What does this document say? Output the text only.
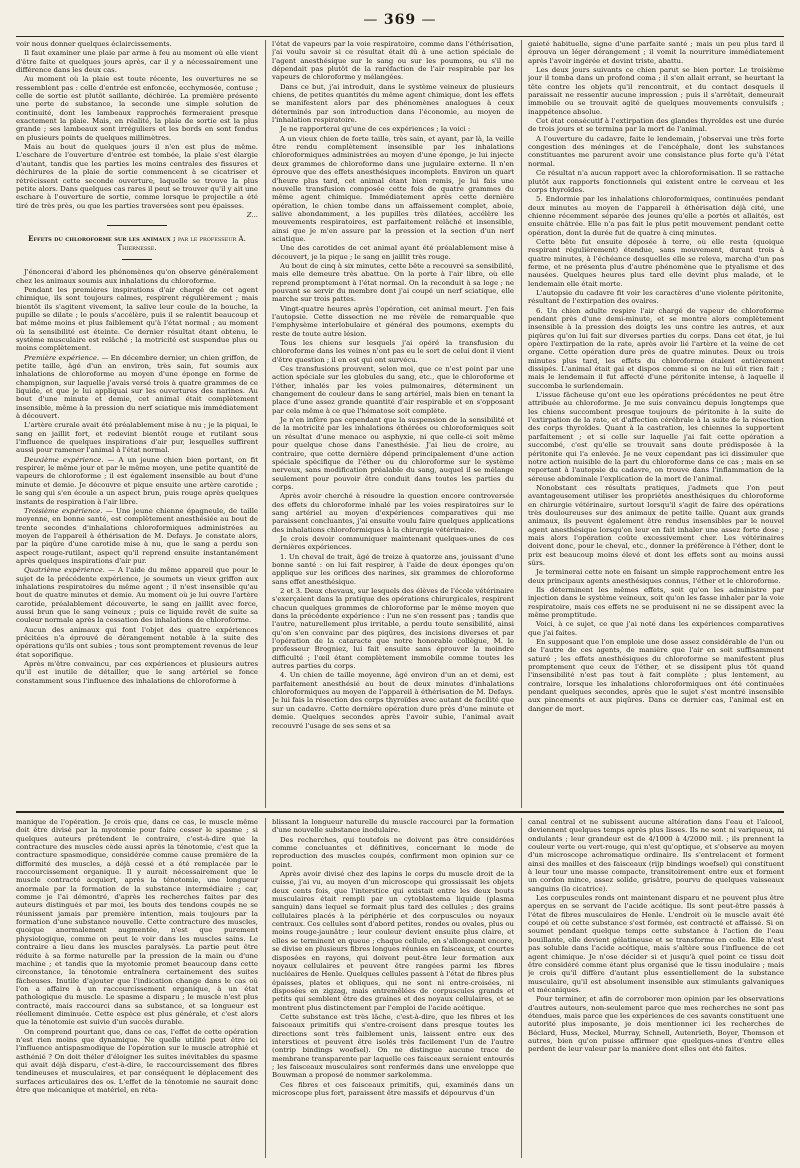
— 369 —

voir nous donner quelques éclaircissements.

Il faut examiner une plaie par arme à feu au moment où elle vient d'être faite et quelques jours après, car il y a nécessairement une différence dans les deux cas.

Au moment où la plaie est toute récente, les ouvertures ne se ressemblent pas : celle d'entrée est enfoncée, ecchymosée, contuse ; celle de sortie est plutôt saillante, déchirée. La première présente une perte de substance, la seconde une simple solution de continuité, dont les lambeaux rapprochés fermeraient presque exactement la plaie. Mais, en réalité, la plaie de sortie est la plus grande ; ses lambeaux sont irréguliers et les bords en sont fendus en plusieurs points de quelques millimètres.

Mais au bout de quelques jours il n'en est plus de même. L'eschare de l'ouverture d'entrée est tombée, la plaie s'est élargie d'autant, tandis que les parties les moins centrales des fissures et déchirures de la plaie de sortie commencent à se cicatriser et rétrécissent cette seconde ouverture, laquelle se trouve la plus petite alors. Dans quelques cas rares il peut se trouver qu'il y ait une eschare à l'ouverture de sortie, comme lorsque le projectile a été tiré de très près, ou que les parties traversées sont peu épaisses.

Z...

Effets du chloroforme sur les animaux ; par le professeur A. Thiernesse.

J'énoncerai d'abord les phénomènes qu'on observe généralement chez les animaux soumis aux inhalations du chloroforme.

Pendant les premières inspirations d'air chargé de cet agent chimique, ils sont toujours calmes, respirent régulièrement ; mais bientôt ils s'agitent vivement, la salive leur coule de la bouche, la pupille se dilate ; le pouls s'accélère, puis il se ralentit beaucoup et bat même moins et plus faiblement qu'à l'état normal ; au moment où la sensibilité est éteinte. Ce dernier résultat étant obtenu, le système musculaire est relâché ; la motricité est suspendue plus ou moins complètement.

Première expérience. — En décembre dernier, un chien griffon, de petite taille, âgé d'un an environ, très sain, fut soumis aux inhalations de chloroforme au moyen d'une éponge en forme de champignon, sur laquelle j'avais versé trois à quatre grammes de ce liquide, et que je lui appliquai sur les ouvertures des narines. Au bout d'une minute et demie, cet animal était complètement insensible, même à la pression du nerf sciatique mis immédiatement à découvert.

L'artère crurale avait été préalablement mise à nu ; je la piquai, le sang en jaillit fort, et redevint bientôt rouge et rutilant sous l'influence de quelques inspirations d'air pur, lesquelles suffirent aussi pour ramener l'animal à l'état normal.

Deuxième expérience. — A un jeune chien bien portant, on fit respirer, le même jour et par le même moyen, une petite quantité de vapeurs de chloroforme ; il est également insensible au bout d'une minute et demie. Je découvre et pique ensuite une artère carotide ; le sang qui s'en écoule a un aspect brun, puis rouge après quelques instants de respiration à l'air libre.

Troisième expérience. — Une jeune chienne épagneule, de taille moyenne, en bonne santé, est complètement anesthésiée au bout de trente secondes d'inhalations chloroformiques administrées au moyen de l'appareil à éthérisation de M. Defays. Je constate alors, par la piqûre d'une carotide mise à nu, que le sang a perdu son aspect rouge-rutilant, aspect qu'il reprend ensuite instantanément après quelques inspirations d'air pur.

Quatrième expérience. — A l'aide du même appareil que pour le sujet de la précédente expérience, je soumets un vieux griffon aux inhalations respiratoires du même agent ; il n'est insensible qu'au bout de quatre minutes et demie. Au moment où je lui ouvre l'artère carotide, préalablement découverte, le sang en jaillit avec force, aussi brun que le sang veineux ; puis ce liquide revêt de suite sa couleur normale après la cessation des inhalations de chloroforme.

Aucun des animaux qui font l'objet des quatre expériences précitées n'a éprouvé de dérangement notable à la suite des opérations qu'ils ont subies ; tous sont promptement revenus de leur état soporifique.

Après m'être convaincu, par ces expériences et plusieurs autres qu'il est inutile de détailler, que le sang artériel se fonce constamment sous l'influence des inhalations de chloroforme à

l'état de vapeurs par la voie respiratoire, comme dans l'éthérisation, j'ai voulu savoir si ce résultat était dû à une action spéciale de l'agent anesthésique sur le sang ou sur les poumons, ou s'il ne dépendait pas plutôt de la raréfaction de l'air respirable par les vapeurs de chloroforme y mélangées.

Dans ce but, j'ai introduit, dans le système veineux de plusieurs chiens, de petites quantités du même agent chimique, dont les effets se manifestent alors par des phénomènes analogues à ceux déterminés par son introduction dans l'économie, au moyen de l'inhalation respiratoire.

Je ne rapporterai qu'une de ces expériences ; la voici :

A un vieux chien de forte taille, très sain, et ayant, par là, la veille être rendu complètement insensible par les inhalations chloroformiques administrées au moyen d'une éponge, je lui injecte deux grammes de chloroforme dans une jugulaire externe. Il n'en éprouve que des effets anesthésiques incomplets. Environ un quart d'heure plus tard, cet animal étant bien remis, je lui fais une nouvelle transfusion composée cette fois de quatre grammes du même agent chimique. Immédiatement après cette dernière opération, le chien tombe dans un affaissement complet, aboie, salive abondamment, a les pupilles très dilatées, accélère les mouvements respiratoires, est parfaitement relâché et insensible, ainsi que je m'en assure par la pression et la section d'un nerf sciatique.

Une des carotides de cet animal ayant été préalablement mise à découvert, je la pique ; le sang en jaillit très rouge.

Au bout de cinq à six minutes, cette bête a recouvré sa sensibilité, mais elle demeure très abattue. On la porte à l'air libre, où elle reprend promptement à l'état normal. On la reconduit à sa loge ; ne pouvant se servir du membre dont j'ai coupé un nerf sciatique, elle marche sur trois pattes.

Vingt-quatre heures après l'opération, cet animal meurt. J'en fais l'autopsie. Cette dissection ne me révèle de remarquable que l'emphysème interlobulaire et général des poumons, exempts du reste de toute autre lésion.

Tous les chiens sur lesquels j'ai opéré la transfusion du chloroforme dans les veines n'ont pas eu le sort de celui dont il vient d'être question ; il en est qui ont survécu.

Ces transfusions prouvent, selon moi, que ce n'est point par une action spéciale sur les globules du sang, etc., que le chloroforme et l'éther, inhalés par les voies pulmonaires, déterminent un changement de couleur dans le sang artériel, mais bien en tenant la place d'une assez grande quantité d'air respirable et en s'opposant par cela même à ce que l'hématose soit complète.

Je n'en infère pas cependant que la suspension de la sensibilité et de la motricité par les inhalations éthérées ou chloroformiques soit un résultat d'une menace ou asphyxie, ni que celle-ci soit même pour quelque chose dans l'anesthésie. J'ai lieu de croire, au contraire, que cette dernière dépend principalement d'une action spéciale spécifique de l'éther ou du chloroforme sur le système nerveux, sans modification préalable du sang, auquel il se mélange seulement pour pouvoir être conduit dans toutes les parties du corps.

Après avoir cherché à résoudre la question encore controversée des effets du chloroforme inhalé par les voies respiratoires sur le sang artériel au moyen d'expériences comparatives qui me paraissent concluantes, j'ai ensuite voulu faire quelques applications des inhalations chloroformiques à la chirurgie vétérinaire.

Je crois devoir communiquer maintenant quelques-unes de ces dernières expériences.

1. Un cheval de trait, âgé de treize à quatorze ans, jouissant d'une bonne santé : on lui fait respirer, à l'aide de deux éponges qu'on applique sur les orifices des narines, six grammes de chloroforme sans effet anesthésique.

2 et 3. Deux chevaux, sur lesquels des élèves de l'école vétérinaire s'exerçaient dans la pratique des opérations chirurgicales, respirent chacun quelques grammes de chloroforme par le même moyen que dans la précédente expérience : l'un ne s'en ressent pas ; tandis que l'autre, naturellement plus irritable, a perdu toute sensibilité, ainsi qu'on s'en convainc par des piqûres, des incisions diverses et par l'opération de la cataracte que notre honorable collègue, M. le professeur Brogniez, lui fait ensuite sans éprouver la moindre difficulté ; l'œil étant complètement immobile comme toutes les autres parties du corps.

4. Un chien de taille moyenne, âgé environ d'un an et demi, est parfaitement anesthésié au bout de deux minutes d'inhalations chloroformiques au moyen de l'appareil à éthérisation de M. Defays. Je lui fais la résection des corps thyroïdes avec autant de facilité que sur un cadavre. Cette dernière opération dure près d'une minute et demie. Quelques secondes après l'avoir subie, l'animal avait recouvré l'usage de ses sens et sa

gaieté habituelle, signe d'une parfaite santé ; mais un peu plus tard il éprouva un léger dérangement ; il vomit la nourriture immédiatement après l'avoir ingérée et devint triste, abattu.

Les deux jours suivants ce chien parut se bien porter. Le troisième jour il tomba dans un profond coma ; il s'en allait errant, se heurtant la tête contre les objets qu'il rencontrait, et du contact desquels il paraissait ne ressentir aucune impression ; puis il s'arrêtait, demeurait immobile ou se trouvait agité de quelques mouvements convulsifs ; inappétence absolue.

Cet état consécutif à l'extirpation des glandes thyroïdes est une durée de trois jours et se termina par la mort de l'animal.

A l'ouverture du cadavre, faite le lendemain, j'observai une très forte congestion des méninges et de l'encéphale, dont les substances constituantes me parurent avoir une consistance plus forte qu'à l'état normal.

Ce résultat n'a aucun rapport avec la chloroformisation. Il se rattache plutôt aux rapports fonctionnels qui existent entre le cerveau et les corps thyroïdes.

5. Endormie par les inhalations chloroformiques, continuées pendant deux minutes au moyen de l'appareil à éthérisation déjà cité, une chienne récemment séparée des jeunes qu'elle a portés et allaités, est ensuite châtrée. Elle n'a pas fait le plus petit mouvement pendant cette opération, dont la durée fut de quatre à cinq minutes.

Cette bête fut ensuite déposée à terre, où elle resta (quoique respirant régulièrement) étendue, sans mouvement, durant trois à quatre minutes, à l'échéance desquelles elle se releva, marcha d'un pas ferme, et ne présenta plus d'autre phénomène que le ptyalisme et des nausées. Quelques heures plus tard elle devint plus malade, et le lendemain elle était morte.

L'autopsie du cadavre fit voir les caractères d'une violente péritonite, résultant de l'extirpation des ovaires.

6. Un chien adulte respire l'air chargé de vapeur de chloroforme pendant près d'une demi-minute, et se montre alors complètement insensible à la pression des doigts les uns contre les autres, et aux piqûres qu'on lui fait sur diverses parties du corps. Dans cet état, je lui opère l'extirpation de la rate, après avoir lié l'artère et la veine de cet organe. Cette opération dure près de quatre minutes. Deux ou trois minutes plus tard, les effets du chloroforme étaient entièrement dissipés. L'animal était gai et dispos comme si on ne lui eût rien fait ; mais le lendemain il fut affecté d'une péritonite intense, à laquelle il succomba le surlendemain.

L'issue fâcheuse qu'ont eue les opérations précédentes ne peut être attribuée au chloroforme. Je me suis convaincu depuis longtemps que les chiens succombent presque toujours de péritonite à la suite de l'extirpation de la rate, et d'affection cérébrale à la suite de la résection des corps thyroïdes. Quant à la castration, les chiennes la supportent parfaitement ; et si celle sur laquelle j'ai fait cette opération a succombé, c'est qu'elle se trouvait sans doute prédisposée à la péritonite qui l'a enlevée. Je ne veux cependant pas ici dissimuler que notre action nuisible de la part du chloroforme dans ce cas ; mais en se reportant à l'autopsie du cadavre, on trouve dans l'inflammation de la séreuse abdominale l'explication de la mort de l'animal.

Nonobstant ces résultats pratiques, j'admets que l'on peut avantageusement utiliser les propriétés anesthésiques du chloroforme en chirurgie vétérinaire, surtout lorsqu'il s'agit de faire des opérations très douloureuses sur des animaux de petite taille. Quant aux grands animaux, ils peuvent également être rendus insensibles par le nouvel agent anesthésique lorsqu'on leur en fait inhaler une assez forte dose ; mais alors l'opération coûte excessivement cher. Les vétérinaires doivent donc, pour le cheval, etc., donner la préférence à l'éther, dont le prix est beaucoup moins élevé et dont les effets sont au moins aussi sûrs.

Je terminerai cette note en faisant un simple rapprochement entre les deux principaux agents anesthésiques connus, l'éther et le chloroforme.

Ils déterminent les mêmes effets, soit qu'on les administre par injection dans le système veineux, soit qu'on les fasse inhaler par la voie respiratoire, mais ces effets ne se produisent ni ne se dissipent avec la même promptitude.

Voici, à ce sujet, ce que j'ai noté dans les expériences comparatives que j'ai faites.

En supposant que l'on emploie une dose assez considérable de l'un ou de l'autre de ces agents, de manière que l'air en soit suffisamment saturé ; les effets anesthésiques du chloroforme se manifestent plus promptement que ceux de l'éther, et se dissipent plus tôt quand l'insensibilité n'est pas tout à fait complète ; plus lentement, au contraire, lorsque les inhalations chloroformiques ont été continuées pendant quelques secondes, après que le sujet s'est montré insensible aux pincements et aux piqûres. Dans ce dernier cas, l'animal est en danger de mort.

manique de l'opération. Je crois que, dans ce cas, le muscle même doit être divisé par la myotomie pour faire cesser le spasme ; si quelques auteurs prétendent le contraire, c'est-à-dire que la contracture des muscles cède aussi après la ténotomie, c'est que la contracture spasmodique, considérée comme cause première de la difformité des muscles, a déjà cessé et a été remplacée par le raccourcissement organique. Il y aurait nécessairement que le muscle contracté acquiert, après la ténotomie, une longueur anormale par la formation de la substance intermédiaire ; car, comme je l'ai démontré, d'après les recherches faites par des auteurs distingués et par moi, les bouts des tendons coupés ne se réunissent jamais par première intention, mais toujours par la formation d'une substance nouvelle. Cette contracture des muscles, quoique anormalement augmentée, n'est que purement physiologique, comme on peut le voir dans les muscles sains. Le contraire a lieu dans les muscles paralysés. La partie peut être réduite à sa forme naturelle par la pression de la main ou d'une machine ; et tandis que la myotomie promet beaucoup dans cette circonstance, la ténotomie entraînera certainement des suites fâcheuses. Inutile d'ajouter que l'indication change dans le cas où l'on a affaire à un raccourcissement organique, à un état pathologique du muscle. Le spasme a disparu ; le muscle n'est plus contracté, mais raccourci dans sa substance, et sa longueur est réellement diminuée. Cette espèce est plus générale, et c'est alors que la ténotomie est suivie d'un succès durable.

On comprend pourtant que, dans ce cas, l'effet de cette opération n'est rien moins que dynamique. Ne quelle utilité peut être ici l'influence antispasmodique de l'opération sur le muscle atrophié et asthénié ? On doit théler d'éloigner les suites inévitables du spasme qui avait déjà disparu, c'est-à-dire, le raccourcissement des fibres tendineuses et musculaires, et par conséquent le déplacement des surfaces articulaires des os. L'effet de la ténotomie ne saurait donc être que mécanique et matériel, en réta-

blissant la longueur naturelle du muscle raccourci par la formation d'une nouvelle substance inodulaire.

Des recherches, qui toutefois ne doivent pas être considérées comme concluantes et définitives, concernant le mode de reproduction des muscles coupés, confirment mon opinion sur ce point.

Après avoir divisé chez des lapins le corps du muscle droit de la cuisse, j'ai vu, au moyen d'un microscope qui grossissait les objets deux cents fois, que l'interstice qui existait entre les deux bouts musculaires était rempli par un cytoblastema liquide (plasma sanguin) dans lequel se formait plus tard des cellules ; des grains cellulaires placés à la périphérie et des corpuscules ou noyaux centraux. Ces cellules sont d'abord petites, rondes ou ovales, plus ou moins rouge-jaunâtre ; leur couleur devient ensuite plus claire, et elles se terminent en queue ; chaque cellule, en s'allongeant encore, se divise en plusieurs fibres longues réunies en faisceaux, et courtes disposées en rayons, qui doivent peut-être leur formation aux noyaux cellulaires et peuvent être rangées parmi les fibres nucléaires de Henle. Quelques cellules passent à l'état de fibres plus épaisses, plates et obliques, qui ne sont ni entre-croisées, ni disposées en zigzag, mais entremêlées de corpuscules grands et petits qui semblent être des graines et des noyaux cellulaires, et se montrent plus distinctement par l'emploi de l'acide acétique.

Cette substance est très lâche, c'est-à-dire, que les fibres et les faisceaux primitifs qui s'entre-croisent dans presque toutes les directions sont très faiblement unis, laissent entre eux des interstices et peuvent être isolés très facilement l'un de l'autre (ontrip bindings woefsel). On ne distingue aucune trace de membrane transparente par laquelle ces faisceaux seraient entourés ; les faisceaux musculaires sont renfermés dans une enveloppe que Bouwman a proposé de nommer sarkolemma.

Ces fibres et ces faisceaux primitifs, qui, examinés dans un microscope plus fort, paraissent être massifs et dépourvus d'un

canal central et ne subissent aucune altération dans l'eau et l'alcool, deviennent quelques temps après plus lisses. Ils ne sont ni variqueux, ni ondulants ; leur grandeur est de 4/1000 à 4/2000 mil. ; ils prennent la couleur verte ou vert-rouge, qui n'est qu'optique, et s'observe au moyen d'un microscope achromatique ordinaire. Ils s'entrelacent et forment ainsi des mailles et des faisceaux (rijp bindings woefsel) qui constituent à leur tour une masse compacte, transitoirement entre eux et forment un cordon mince, assez solide, grisâtre, pourvu de quelques vaisseaux sanguins (la cicatrice).

Les corpuscules ronds ont maintenant disparu et ne peuvent plus être aperçus en se servant de l'acide acétique. Ils sont peut-être passés à l'état de fibres musculaires de Henle. L'endroit où le muscle avait été coupé et où cette substance s'est formée, est contracté et affaissé. Si on soumet pendant quelque temps cette substance à l'action de l'eau bouillante, elle devient gélatineuse et se transforme en colle. Elle n'est pas soluble dans l'acide acétique, mais s'altère sous l'influence de cet agent chimique. Je n'ose décider si et jusqu'à quel point ce tissu doit être considéré comme étant plus organisé que le tissu inodulaire ; mais je crois qu'il diffère d'autant plus essentiellement de la substance musculaire, qu'il est absolument insensible aux stimulants galvaniques et mécaniques.

Pour terminer, et afin de corroborer mon opinion par les observations d'autres auteurs, non-seulement parce que mes recherches ne sont pas étendues, mais parce que les expériences de ces savants constituent une autorité plus imposante, je dois mentionner ici les recherches de Béclard, Huss, Meckel, Murray, Schnell, Autenrieth, Boyer, Thomson et autres, bien qu'on puisse affirmer que quelques-unes d'entre elles perdent de leur valeur par la manière dont elles ont été faites.
